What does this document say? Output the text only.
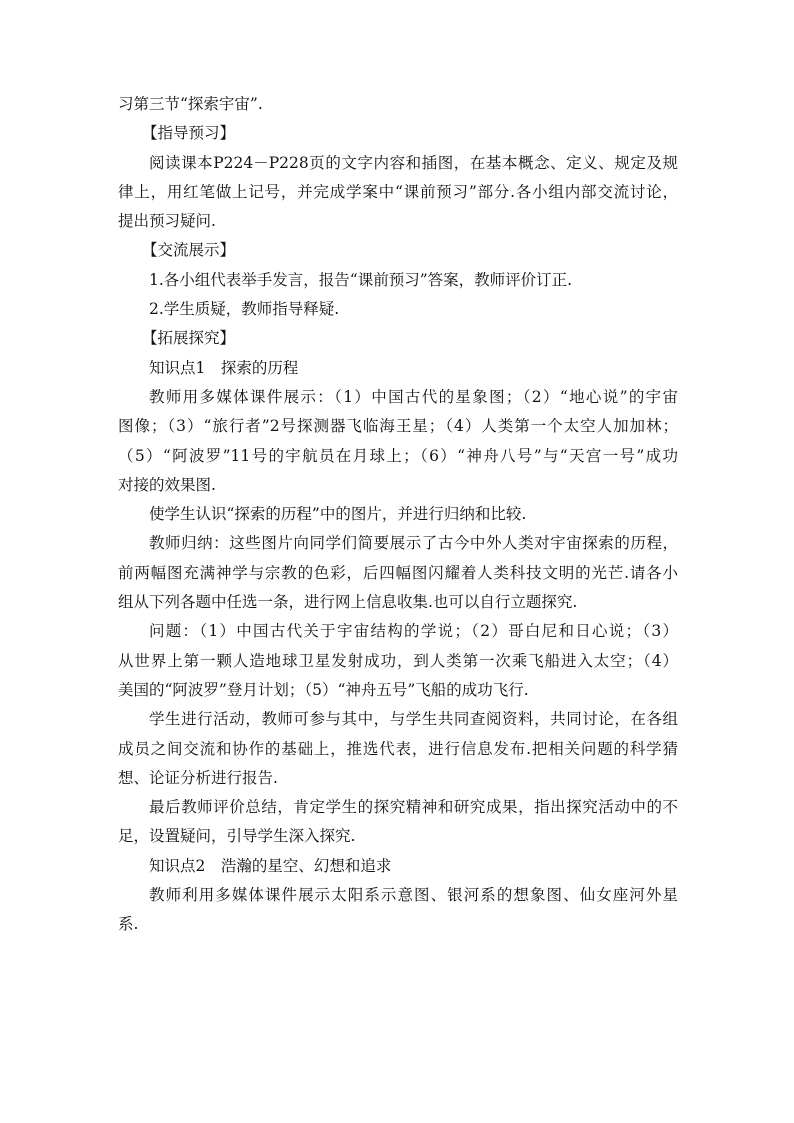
习第三节“探索宇宙”.
【指导预习】
阅读课本P224－P228页的文字内容和插图，在基本概念、定义、规定及规
律上，用红笔做上记号，并完成学案中“课前预习”部分.各小组内部交流讨论，
提出预习疑问.
【交流展示】
1.各小组代表举手发言，报告“课前预习”答案，教师评价订正.
2.学生质疑，教师指导释疑.
【拓展探究】
知识点1　探索的历程
教师用多媒体课件展示：（1）中国古代的星象图；（2）“地心说”的宇宙
图像；（3）“旅行者”2号探测器飞临海王星；（4）人类第一个太空人加加林；
（5）“阿波罗”11号的宇航员在月球上；（6）“神舟八号”与“天宫一号”成功
对接的效果图.
使学生认识“探索的历程”中的图片，并进行归纳和比较.
教师归纳：这些图片向同学们简要展示了古今中外人类对宇宙探索的历程，
前两幅图充满神学与宗教的色彩，后四幅图闪耀着人类科技文明的光芒.请各小
组从下列各题中任选一条，进行网上信息收集.也可以自行立题探究.
问题：（1）中国古代关于宇宙结构的学说；（2）哥白尼和日心说；（3）
从世界上第一颗人造地球卫星发射成功，到人类第一次乘飞船进入太空；（4）
美国的“阿波罗”登月计划；（5）“神舟五号”飞船的成功飞行.
学生进行活动，教师可参与其中，与学生共同查阅资料，共同讨论，在各组
成员之间交流和协作的基础上，推选代表，进行信息发布.把相关问题的科学猜
想、论证分析进行报告.
最后教师评价总结，肯定学生的探究精神和研究成果，指出探究活动中的不
足，设置疑问，引导学生深入探究.
知识点2　浩瀚的星空、幻想和追求
教师利用多媒体课件展示太阳系示意图、银河系的想象图、仙女座河外星
系.
